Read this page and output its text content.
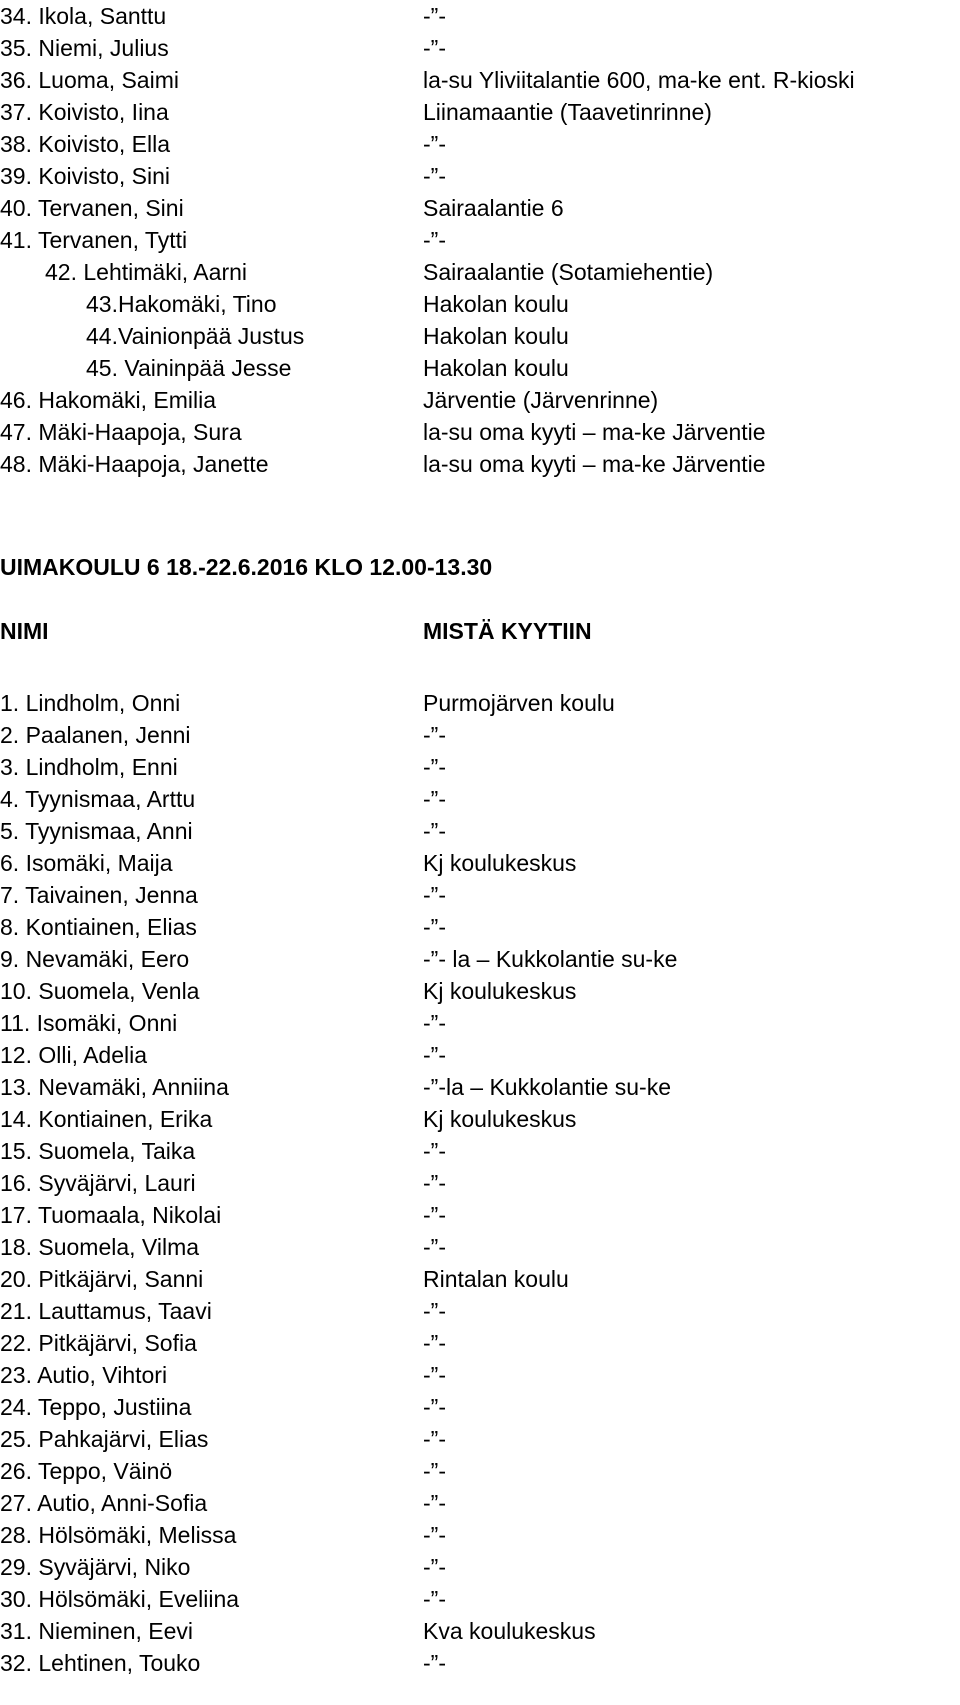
34. Ikola, Santtu	-”-
35. Niemi, Julius	-”-
36. Luoma, Saimi	la-su Yliviitalantie 600, ma-ke ent. R-kioski
37. Koivisto, Iina	Liinamaantie (Taavetinrinne)
38. Koivisto, Ella	-”-
39. Koivisto, Sini	-”-
40. Tervanen, Sini	Sairaalantie 6
41. Tervanen, Tytti	-”-
42. Lehtimäki, Aarni	Sairaalantie (Sotamiehentie)
43.Hakomäki, Tino	Hakolan koulu
44.Vainionpää Justus	Hakolan koulu
45. Vaininpää Jesse	Hakolan koulu
46. Hakomäki, Emilia	Järventie (Järvenrinne)
47. Mäki-Haapoja, Sura	la-su oma kyyti – ma-ke Järventie
48. Mäki-Haapoja, Janette	la-su oma kyyti – ma-ke Järventie
UIMAKOULU 6 18.-22.6.2016 KLO 12.00-13.30
NIMI	MISTÄ KYYTIIN
1. Lindholm, Onni	Purmojärven koulu
2. Paalanen, Jenni	-”-
3. Lindholm, Enni	-”-
4. Tyynismaa, Arttu	-”-
5. Tyynismaa, Anni	-”-
6. Isomäki, Maija	Kj koulukeskus
7. Taivainen, Jenna	-”-
8. Kontiainen, Elias	-”-
9. Nevamäki, Eero	-”- la – Kukkolantie su-ke
10. Suomela, Venla	Kj koulukeskus
11. Isomäki, Onni	-”-
12. Olli, Adelia	-”-
13. Nevamäki, Anniina	-”-la – Kukkolantie su-ke
14. Kontiainen, Erika	Kj koulukeskus
15. Suomela, Taika	-”-
16. Syväjärvi, Lauri	-”-
17. Tuomaala, Nikolai	-”-
18. Suomela, Vilma	-”-
20. Pitkäjärvi, Sanni	Rintalan koulu
21. Lauttamus, Taavi	-”-
22. Pitkäjärvi, Sofia	-”-
23. Autio, Vihtori	-”-
24. Teppo, Justiina	-”-
25. Pahkajärvi, Elias	-”-
26. Teppo, Väinö	-”-
27. Autio, Anni-Sofia	-”-
28. Hölsömäki, Melissa	-”-
29. Syväjärvi, Niko	-”-
30. Hölsömäki, Eveliina	-”-
31. Nieminen, Eevi	Kva koulukeskus
32. Lehtinen, Touko	-”-
